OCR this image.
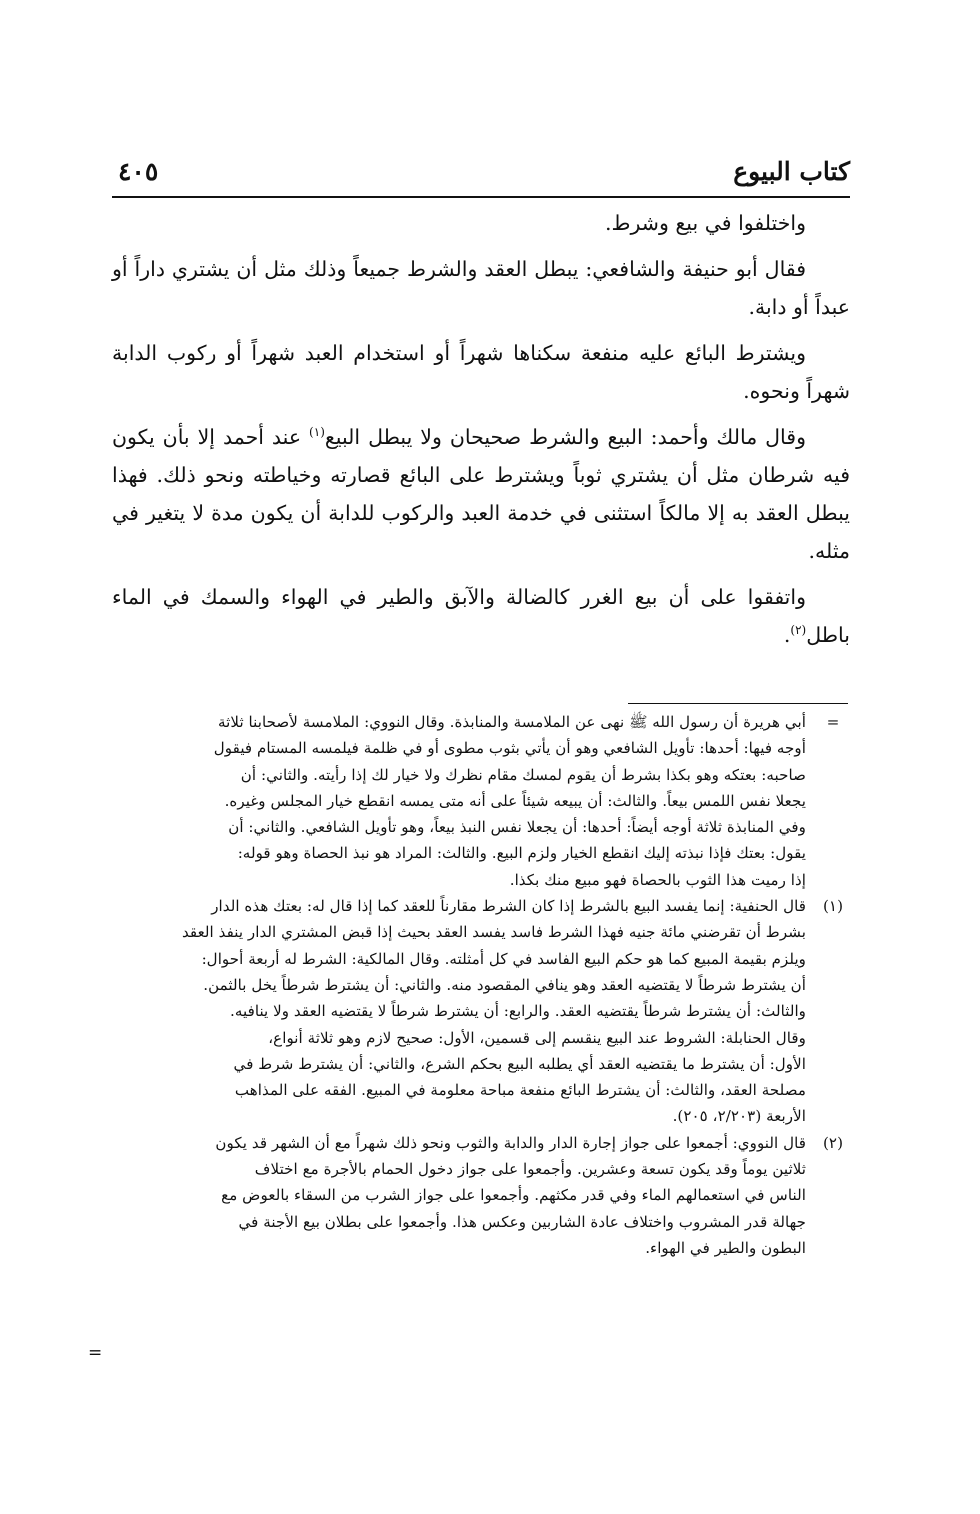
كتاب البيوع
٤٠٥

واختلفوا في بيع وشرط.

فقال أبو حنيفة والشافعي: يبطل العقد والشرط جميعاً وذلك مثل أن يشتري داراً أو عبداً أو دابة.

ويشترط البائع عليه منفعة سكناها شهراً أو استخدام العبد شهراً أو ركوب الدابة شهراً ونحوه.

وقال مالك وأحمد: البيع والشرط صحيحان ولا يبطل البيع$^{(١)}$ عند أحمد إلا بأن يكون فيه شرطان مثل أن يشتري ثوباً ويشترط على البائع قصارته وخياطته ونحو ذلك. فهذا يبطل العقد به إلا مالكاً استثنى في خدمة العبد والركوب للدابة أن يكون مدة لا يتغير في مثله.

واتفقوا على أن بيع الغرر كالضالة والآبق والطير في الهواء والسمك في الماء باطل$^{(٢)}$.

=
أبي هريرة أن رسول الله ﷺ نهى عن الملامسة والمنابذة. وقال النووي: الملامسة لأصحابنا ثلاثة
أوجه فيها: أحدها: تأويل الشافعي وهو أن يأتي بثوب مطوى أو في ظلمة فيلمسه المستام فيقول
صاحبه: بعتكه وهو بكذا بشرط أن يقوم لمسك مقام نظرك ولا خيار لك إذا رأيته. والثاني: أن
يجعلا نفس اللمس بيعاً. والثالث: أن يبيعه شيئاً على أنه متى يمسه انقطع خيار المجلس وغيره.
وفي المنابذة ثلاثة أوجه أيضاً: أحدها: أن يجعلا نفس النبذ بيعاً، وهو تأويل الشافعي. والثاني: أن
يقول: بعتك فإذا نبذته إليك انقطع الخيار ولزم البيع. والثالث: المراد هو نبذ الحصاة وهو قوله:
إذا رميت هذا الثوب بالحصاة فهو مبيع منك بكذا.
(١)
قال الحنفية: إنما يفسد البيع بالشرط إذا كان الشرط مقارناً للعقد كما إذا قال له: بعتك هذه الدار
بشرط أن تقرضني مائة جنيه فهذا الشرط فاسد يفسد العقد بحيث إذا قبض المشتري الدار ينفذ العقد
ويلزم بقيمة المبيع كما هو حكم البيع الفاسد في كل أمثلته. وقال المالكية: الشرط له أربعة أحوال:
أن يشترط شرطاً لا يقتضيه العقد وهو ينافي المقصود منه. والثاني: أن يشترط شرطاً يخل بالثمن.
والثالث: أن يشترط شرطاً يقتضيه العقد. والرابع: أن يشترط شرطاً لا يقتضيه العقد ولا ينافيه.
وقال الحنابلة: الشروط عند البيع ينقسم إلى قسمين، الأول: صحيح لازم وهو ثلاثة أنواع،
الأول: أن يشترط ما يقتضيه العقد أي يطلبه البيع بحكم الشرع، والثاني: أن يشترط شرط في
مصلحة العقد، والثالث: أن يشترط البائع منفعة مباحة معلومة في المبيع. الفقه على المذاهب
الأربعة (٢/٢٠٣، ٢٠٥).
(٢)
قال النووي: أجمعوا على جواز إجارة الدار والدابة والثوب ونحو ذلك شهراً مع أن الشهر قد يكون
ثلاثين يوماً وقد يكون تسعة وعشرين. وأجمعوا على جواز دخول الحمام بالأجرة مع اختلاف
الناس في استعمالهم الماء وفي قدر مكثهم. وأجمعوا على جواز الشرب من السقاء بالعوض مع
جهالة قدر المشروب واختلاف عادة الشاربين وعكس هذا. وأجمعوا على بطلان بيع الأجنة في
البطون والطير في الهواء.
=
